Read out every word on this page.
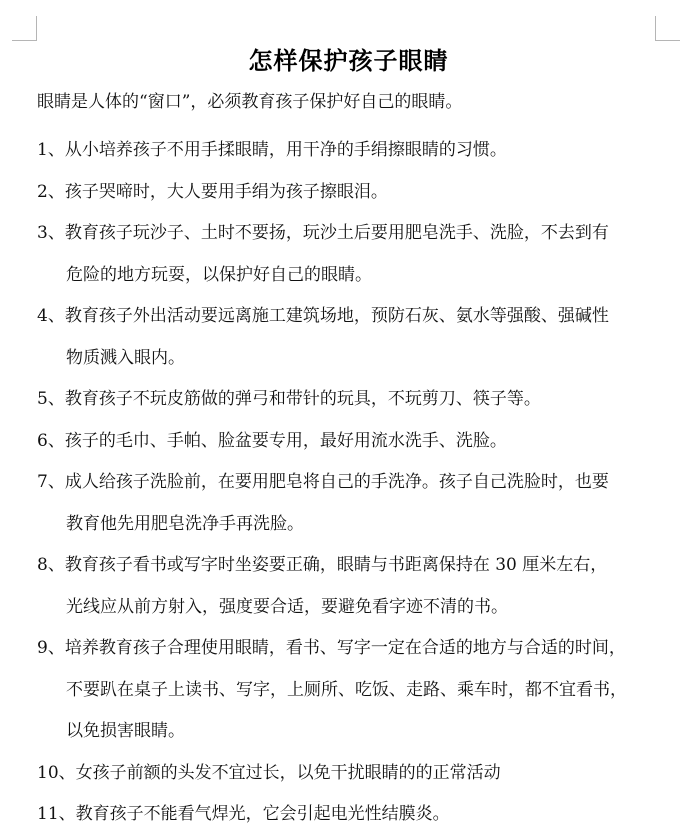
怎样保护孩子眼睛
眼睛是人体的“窗口”，必须教育孩子保护好自己的眼睛。
1、从小培养孩子不用手揉眼睛，用干净的手绢擦眼睛的习惯。
2、孩子哭啼时，大人要用手绢为孩子擦眼泪。
3、教育孩子玩沙子、土时不要扬，玩沙土后要用肥皂洗手、洗脸，不去到有
危险的地方玩耍，以保护好自己的眼睛。
4、教育孩子外出活动要远离施工建筑场地，预防石灰、氨水等强酸、强碱性
物质溅入眼内。
5、教育孩子不玩皮筋做的弹弓和带针的玩具，不玩剪刀、筷子等。
6、孩子的毛巾、手帕、脸盆要专用，最好用流水洗手、洗脸。
7、成人给孩子洗脸前，在要用肥皂将自己的手洗净。孩子自己洗脸时，也要
教育他先用肥皂洗净手再洗脸。
8、教育孩子看书或写字时坐姿要正确，眼睛与书距离保持在 30 厘米左右，
光线应从前方射入，强度要合适，要避免看字迹不清的书。
9、培养教育孩子合理使用眼睛，看书、写字一定在合适的地方与合适的时间，
不要趴在桌子上读书、写字，上厕所、吃饭、走路、乘车时，都不宜看书，
以免损害眼睛。
10、女孩子前额的头发不宜过长，以免干扰眼睛的的正常活动
11、教育孩子不能看气焊光，它会引起电光性结膜炎。
